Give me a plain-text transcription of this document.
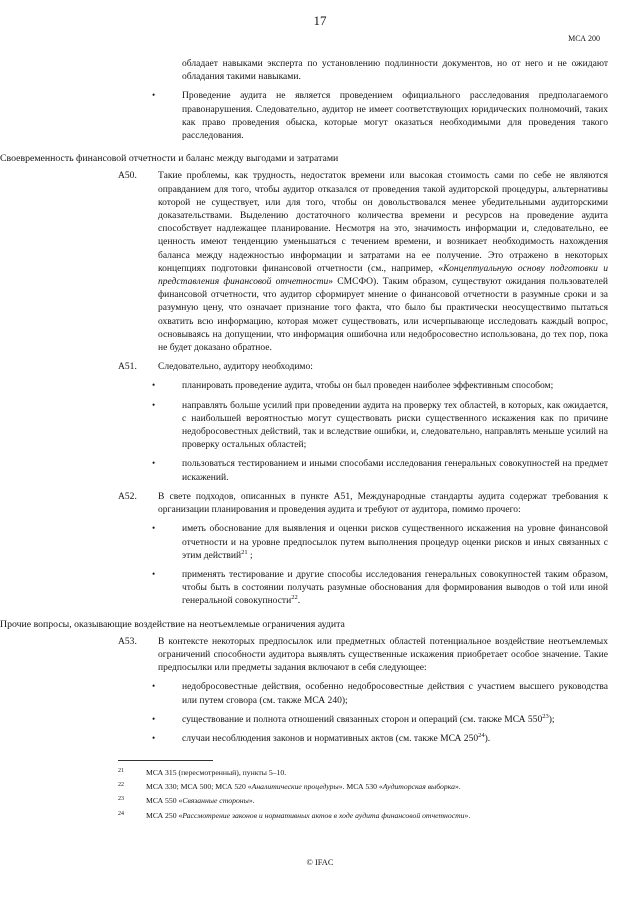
17
МСА 200

обладает навыками эксперта по установлению подлинности документов, но от него и не ожидают обладания такими навыками.

•	Проведение аудита не является проведением официального расследования предполагаемого правонарушения. Следовательно, аудитор не имеет соответствующих юридических полномочий, таких как право проведения обыска, которые могут оказаться необходимыми для проведения такого расследования.

Своевременность финансовой отчетности и баланс между выгодами и затратами
A50. Такие проблемы, как трудность, недостаток времени или высокая стоимость сами по себе не являются оправданием для того, чтобы аудитор отказался от проведения такой аудиторской процедуры, альтернативы которой не существует, или для того, чтобы он довольствовался менее убедительными аудиторскими доказательствами. Выделению достаточного количества времени и ресурсов на проведение аудита способствует надлежащее планирование. Несмотря на это, значимость информации и, следовательно, ее ценность имеют тенденцию уменьшаться с течением времени, и возникает необходимость нахождения баланса между надежностью информации и затратами на ее получение. Это отражено в некоторых концепциях подготовки финансовой отчетности (см., например, «Концептуальную основу подготовки и представления финансовой отчетности» СМСФО). Таким образом, существуют ожидания пользователей финансовой отчетности, что аудитор сформирует мнение о финансовой отчетности в разумные сроки и за разумную цену, что означает признание того факта, что было бы практически неосуществимо пытаться охватить всю информацию, которая может существовать, или исчерпывающе исследовать каждый вопрос, основываясь на допущении, что информация ошибочна или недобросовестно использована, до тех пор, пока не будет доказано обратное.

A51. Следовательно, аудитору необходимо:

•	планировать проведение аудита, чтобы он был проведен наиболее эффективным способом;

•	направлять больше усилий при проведении аудита на проверку тех областей, в которых, как ожидается, с наибольшей вероятностью могут существовать риски существенного искажения как по причине недобросовестных действий, так и вследствие ошибки, и, следовательно, направлять меньше усилий на проверку остальных областей;

•	пользоваться тестированием и иными способами исследования генеральных совокупностей на предмет искажений.

A52. В свете подходов, описанных в пункте A51, Международные стандарты аудита содержат требования к организации планирования и проведения аудита и требуют от аудитора, помимо прочего:

•	иметь обоснование для выявления и оценки рисков существенного искажения на уровне финансовой отчетности и на уровне предпосылок путем выполнения процедур оценки рисков и иных связанных с этим действий$^{21}$ ;

•	применять тестирование и другие способы исследования генеральных совокупностей таким образом, чтобы быть в состоянии получать разумные обоснования для формирования выводов о той или иной генеральной совокупности$^{22}$.

Прочие вопросы, оказывающие воздействие на неотъемлемые ограничения аудита
A53. В контексте некоторых предпосылок или предметных областей потенциальное воздействие неотъемлемых ограничений способности аудитора выявлять существенные искажения приобретает особое значение. Такие предпосылки или предметы задания включают в себя следующее:

•	недобросовестные действия, особенно недобросовестные действия с участием высшего руководства или путем сговора (см. также МСА 240);

•	существование и полнота отношений связанных сторон и операций (см. также МСА $550^{23}$);

•	случаи несоблюдения законов и нормативных актов (см. также МСА $250^{24}$).

21	МСА 315 (пересмотренный), пункты 5–10.
22	МСА 330; МСА 500; МСА 520 «Аналитические процедуры». МСА 530 «Аудиторская выборка».
23	МСА 550 «Связанные стороны».
24	МСА 250 «Рассмотрение законов и нормативных актов в ходе аудита финансовой отчетности».
© IFAC
